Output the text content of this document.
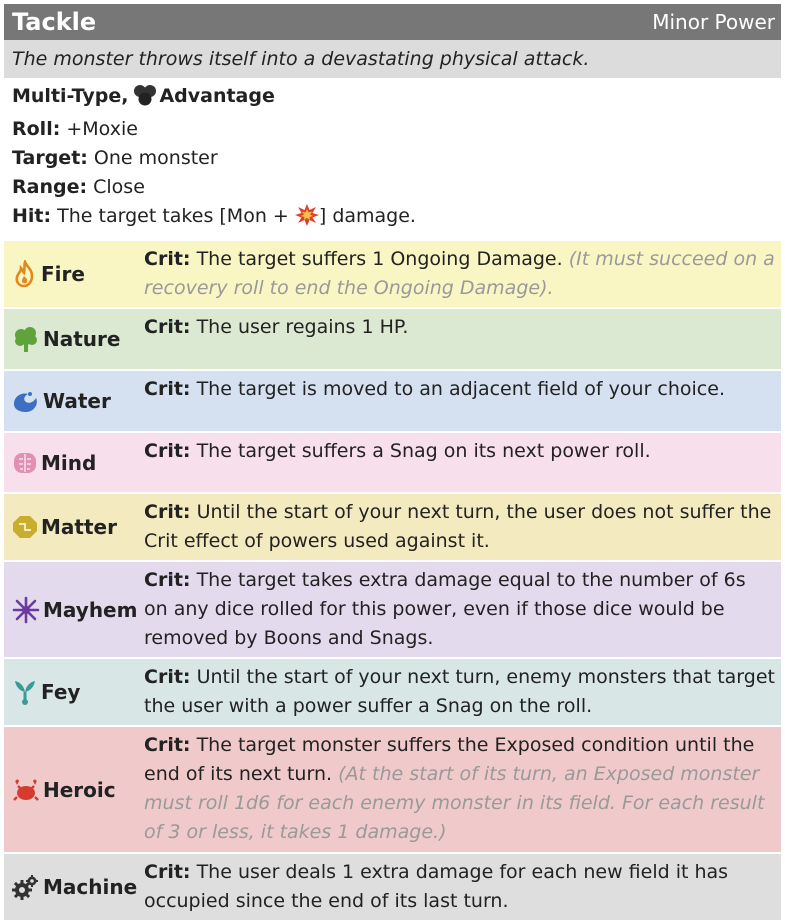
Tackle	Minor Power
The monster throws itself into a devastating physical attack.
Multi-Type, Advantage
Roll: +Moxie
Target: One monster
Range: Close
Hit: The target takes [Mon + ] damage.
Fire
Crit: The target suffers 1 Ongoing Damage. (It must succeed on a recovery roll to end the Ongoing Damage).
Nature Crit: The user regains 1 HP.
Water Crit: The target is moved to an adjacent field of your choice.
Mind	Crit: The target suffers a Snag on its next power roll.
Matter
Crit: Until the start of your next turn, the user does not suffer the Crit effect of powers used against it.
Mayhem
Crit: The target takes extra damage equal to the number of 6s on any dice rolled for this power, even if those dice would be removed by Boons and Snags.
Fey
Crit: Until the start of your next turn, enemy monsters that target the user with a power suffer a Snag on the roll.
Heroic
Crit: The target monster suffers the Exposed condition until the end of its next turn. (At the start of its turn, an Exposed monster must roll 1d6 for each enemy monster in its field. For each result of 3 or less, it takes 1 damage.)
Machine
Crit: The user deals 1 extra damage for each new field it has occupied since the end of its last turn.
